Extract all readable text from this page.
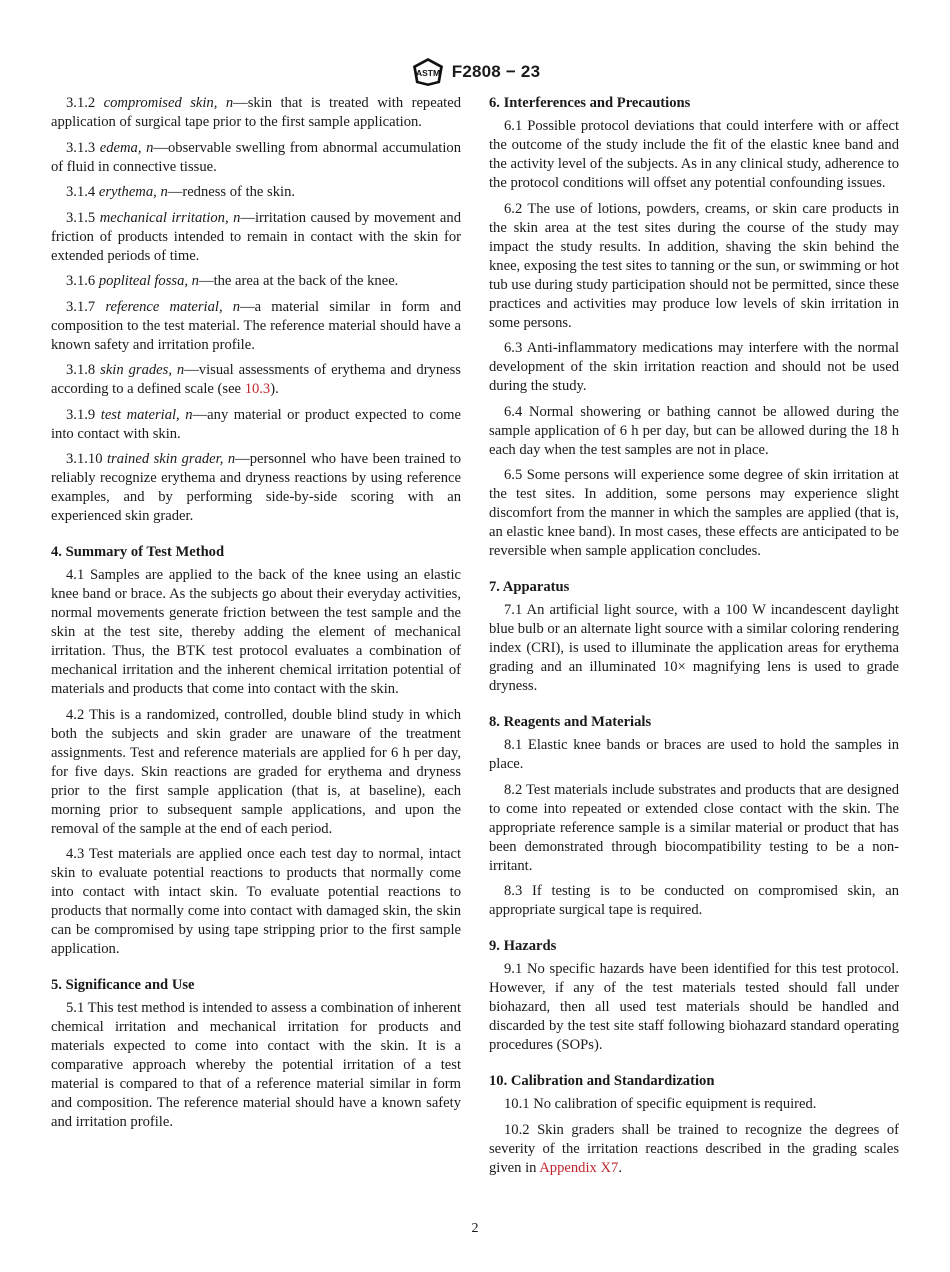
ASTM F2808 − 23

3.1.2 compromised skin, n—skin that is treated with repeated application of surgical tape prior to the first sample application.

3.1.3 edema, n—observable swelling from abnormal accumulation of fluid in connective tissue.

3.1.4 erythema, n—redness of the skin.

3.1.5 mechanical irritation, n—irritation caused by movement and friction of products intended to remain in contact with the skin for extended periods of time.

3.1.6 popliteal fossa, n—the area at the back of the knee.

3.1.7 reference material, n—a material similar in form and composition to the test material. The reference material should have a known safety and irritation profile.

3.1.8 skin grades, n—visual assessments of erythema and dryness according to a defined scale (see 10.3).

3.1.9 test material, n—any material or product expected to come into contact with skin.

3.1.10 trained skin grader, n—personnel who have been trained to reliably recognize erythema and dryness reactions by using reference examples, and by performing side-by-side scoring with an experienced skin grader.

4. Summary of Test Method

4.1 Samples are applied to the back of the knee using an elastic knee band or brace. As the subjects go about their everyday activities, normal movements generate friction between the test sample and the skin at the test site, thereby adding the element of mechanical irritation. Thus, the BTK test protocol evaluates a combination of mechanical irritation and the inherent chemical irritation potential of materials and products that come into contact with the skin.

4.2 This is a randomized, controlled, double blind study in which both the subjects and skin grader are unaware of the treatment assignments. Test and reference materials are applied for 6 h per day, for five days. Skin reactions are graded for erythema and dryness prior to the first sample application (that is, at baseline), each morning prior to subsequent sample applications, and upon the removal of the sample at the end of each period.

4.3 Test materials are applied once each test day to normal, intact skin to evaluate potential reactions to products that normally come into contact with intact skin. To evaluate potential reactions to products that normally come into contact with damaged skin, the skin can be compromised by using tape stripping prior to the first sample application.

5. Significance and Use

5.1 This test method is intended to assess a combination of inherent chemical irritation and mechanical irritation for products and materials expected to come into contact with the skin. It is a comparative approach whereby the potential irritation of a test material is compared to that of a reference material similar in form and composition. The reference material should have a known safety and irritation profile.

6. Interferences and Precautions

6.1 Possible protocol deviations that could interfere with or affect the outcome of the study include the fit of the elastic knee band and the activity level of the subjects. As in any clinical study, adherence to the protocol conditions will offset any potential confounding issues.

6.2 The use of lotions, powders, creams, or skin care products in the skin area at the test sites during the course of the study may impact the study results. In addition, shaving the skin behind the knee, exposing the test sites to tanning or the sun, or swimming or hot tub use during study participation should not be permitted, since these practices and activities may produce low levels of skin irritation in some persons.

6.3 Anti-inflammatory medications may interfere with the normal development of the skin irritation reaction and should not be used during the study.

6.4 Normal showering or bathing cannot be allowed during the sample application of 6 h per day, but can be allowed during the 18 h each day when the test samples are not in place.

6.5 Some persons will experience some degree of skin irritation at the test sites. In addition, some persons may experience slight discomfort from the manner in which the samples are applied (that is, an elastic knee band). In most cases, these effects are anticipated to be reversible when sample application concludes.

7. Apparatus

7.1 An artificial light source, with a 100 W incandescent daylight blue bulb or an alternate light source with a similar coloring rendering index (CRI), is used to illuminate the application areas for erythema grading and an illuminated 10× magnifying lens is used to grade dryness.

8. Reagents and Materials

8.1 Elastic knee bands or braces are used to hold the samples in place.

8.2 Test materials include substrates and products that are designed to come into repeated or extended close contact with the skin. The appropriate reference sample is a similar material or product that has been demonstrated through biocompatibility testing to be a non-irritant.

8.3 If testing is to be conducted on compromised skin, an appropriate surgical tape is required.

9. Hazards

9.1 No specific hazards have been identified for this test protocol. However, if any of the test materials tested should fall under biohazard, then all used test materials should be handled and discarded by the test site staff following biohazard standard operating procedures (SOPs).

10. Calibration and Standardization

10.1 No calibration of specific equipment is required.

10.2 Skin graders shall be trained to recognize the degrees of severity of the irritation reactions described in the grading scales given in Appendix X7.

2
